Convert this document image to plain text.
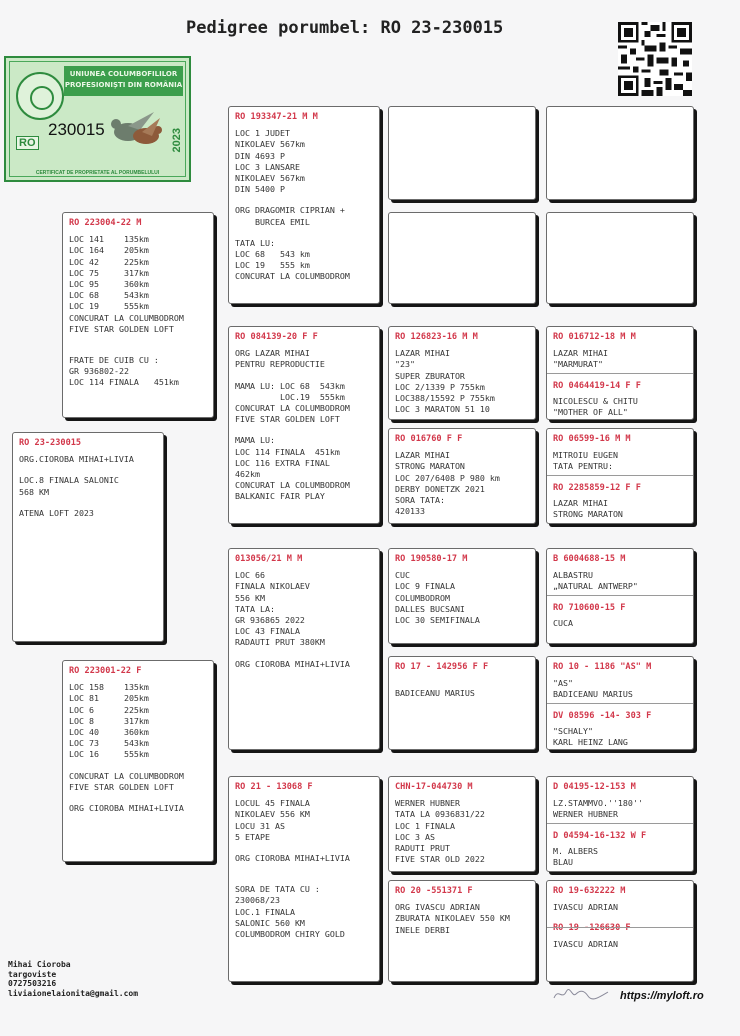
Pedigree porumbel: RO 23-230015
UNIUNEA COLUMBOFILILOR PROFESIONIȘTI DIN ROMÂNIA
230015
RO	2023
CERTIFICAT DE PROPRIETATE AL PORUMBELULUI
RO 23-230015
ORG.CIOROBA MIHAI+LIVIA
LOC.8 FINALA SALONIC
568 KM
ATENA LOFT 2023
RO 223004-22 M
LOC 141    135km
LOC 164    205km
LOC 42     225km
LOC 75     317km
LOC 95     360km
LOC 68     543km
LOC 19     555km
CONCURAT LA COLUMBODROM
FIVE STAR GOLDEN LOFT
FRATE DE CUIB CU :
GR 936802-22
LOC 114 FINALA   451km
RO 223001-22 F
LOC 158    135km
LOC 81     205km
LOC 6      225km
LOC 8      317km
LOC 40     360km
LOC 73     543km
LOC 16     555km
CONCURAT LA COLUMBODROM
FIVE STAR GOLDEN LOFT
ORG CIOROBA MIHAI+LIVIA
RO 193347-21 M M
LOC 1 JUDET
NIKOLAEV 567km
DIN 4693 P
LOC 3 LANSARE
NIKOLAEV 567km
DIN 5400 P
ORG DRAGOMIR CIPRIAN +
BURCEA EMIL
TATA LU:
LOC 68   543 km
LOC 19   555 km
CONCURAT LA COLUMBODROM
RO 084139-20 F F
ORG LAZAR MIHAI
PENTRU REPRODUCTIE
MAMA LU: LOC 68  543km
LOC.19  555km
CONCURAT LA COLUMBODROM
FIVE STAR GOLDEN LOFT
MAMA LU:
LOC 114 FINALA  451km
LOC 116 EXTRA FINAL
462km
CONCURAT LA COLUMBODROM
BALKANIC FAIR PLAY
013056/21 M M
LOC 66
FINALA NIKOLAEV
556 KM
TATA LA:
GR 936865 2022
LOC 43 FINALA
RADAUTI PRUT 380KM
ORG CIOROBA MIHAI+LIVIA
RO 21 - 13068 F
LOCUL 45 FINALA
NIKOLAEV 556 KM
LOCU 31 AS
5 ETAPE
ORG CIOROBA MIHAI+LIVIA
SORA DE TATA CU :
230068/23
LOC.1 FINALA
SALONIC 560 KM
COLUMBODROM CHIRY GOLD
RO 126823-16 M M
LAZAR MIHAI
"23"
SUPER ZBURATOR
LOC 2/1339 P 755km
LOC388/15592 P 755km
LOC 3 MARATON 51 10
RO 016760 F F
LAZAR MIHAI
STRONG MARATON
LOC 207/6408 P 980 km
DERBY DONETZK 2021
SORA TATA:
420133
RO 190580-17 M
CUC
LOC 9 FINALA
COLUMBODROM
DALLES BUCSANI
LOC 30 SEMIFINALA
RO 17 - 142956 F F
BADICEANU MARIUS
CHN-17-044730 M
WERNER HUBNER
TATA LA 0936831/22
LOC 1 FINALA
LOC 3 AS
RADUTI PRUT
FIVE STAR OLD 2022
RO 20 -551371 F
ORG IVASCU ADRIAN
ZBURATA NIKOLAEV 550 KM
INELE DERBI
RO 016712-18 M M
LAZAR MIHAI
"MARMURAT"
RO 0464419-14 F F
NICOLESCU & CHITU
"MOTHER OF ALL"
RO 06599-16 M M
MITROIU EUGEN
TATA PENTRU:
RO 2285859-12 F F
LAZAR MIHAI
STRONG MARATON
B 6004688-15 M
ALBASTRU
„NATURAL ANTWERP"
RO 710600-15 F
CUCA
RO 10 - 1186 "AS" M
"AS"
BADICEANU MARIUS
DV 08596 -14- 303 F
"SCHALY"
KARL HEINZ LANG
D 04195-12-153 M
LZ.STAMMVO.''180''
WERNER HUBNER
D 04594-16-132 W F
M. ALBERS
BLAU
RO 19-632222 M
IVASCU ADRIAN
RO 19 -126630 F
IVASCU ADRIAN
Mihai Cioroba
targoviste
0727503216
liviaionelaionita@gmail.com	https://myloft.ro
